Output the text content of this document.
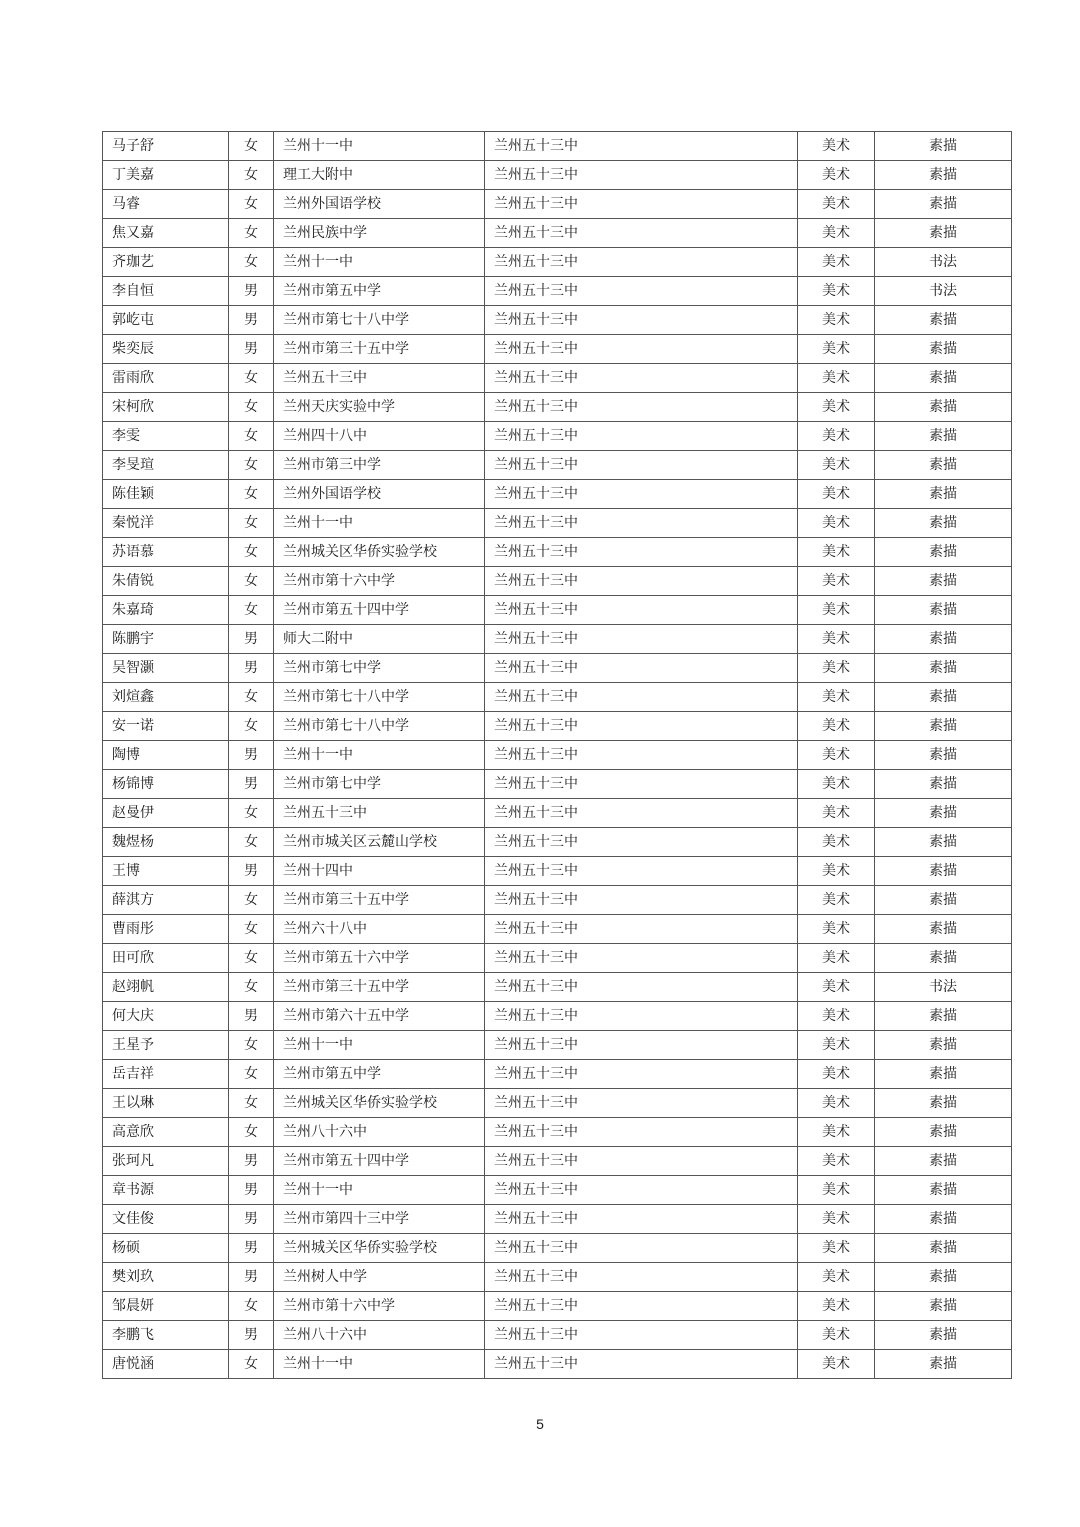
马子舒	女	兰州十一中	兰州五十三中	美术	素描
丁美嘉	女	理工大附中	兰州五十三中	美术	素描
马睿	女	兰州外国语学校	兰州五十三中	美术	素描
焦又嘉	女	兰州民族中学	兰州五十三中	美术	素描
齐珈艺	女	兰州十一中	兰州五十三中	美术	书法
李自恒	男	兰州市第五中学	兰州五十三中	美术	书法
郭屹屯	男	兰州市第七十八中学	兰州五十三中	美术	素描
柴奕辰	男	兰州市第三十五中学	兰州五十三中	美术	素描
雷雨欣	女	兰州五十三中	兰州五十三中	美术	素描
宋柯欣	女	兰州天庆实验中学	兰州五十三中	美术	素描
李雯	女	兰州四十八中	兰州五十三中	美术	素描
李旻瑄	女	兰州市第三中学	兰州五十三中	美术	素描
陈佳颖	女	兰州外国语学校	兰州五十三中	美术	素描
秦悦洋	女	兰州十一中	兰州五十三中	美术	素描
苏语慕	女	兰州城关区华侨实验学校	兰州五十三中	美术	素描
朱倩锐	女	兰州市第十六中学	兰州五十三中	美术	素描
朱嘉琦	女	兰州市第五十四中学	兰州五十三中	美术	素描
陈鹏宇	男	师大二附中	兰州五十三中	美术	素描
吴智灏	男	兰州市第七中学	兰州五十三中	美术	素描
刘煊鑫	女	兰州市第七十八中学	兰州五十三中	美术	素描
安一诺	女	兰州市第七十八中学	兰州五十三中	美术	素描
陶博	男	兰州十一中	兰州五十三中	美术	素描
杨锦博	男	兰州市第七中学	兰州五十三中	美术	素描
赵曼伊	女	兰州五十三中	兰州五十三中	美术	素描
魏煜杨	女	兰州市城关区云麓山学校	兰州五十三中	美术	素描
王博	男	兰州十四中	兰州五十三中	美术	素描
薛淇方	女	兰州市第三十五中学	兰州五十三中	美术	素描
曹雨彤	女	兰州六十八中	兰州五十三中	美术	素描
田可欣	女	兰州市第五十六中学	兰州五十三中	美术	素描
赵翊帆	女	兰州市第三十五中学	兰州五十三中	美术	书法
何大庆	男	兰州市第六十五中学	兰州五十三中	美术	素描
王星予	女	兰州十一中	兰州五十三中	美术	素描
岳吉祥	女	兰州市第五中学	兰州五十三中	美术	素描
王以琳	女	兰州城关区华侨实验学校	兰州五十三中	美术	素描
高意欣	女	兰州八十六中	兰州五十三中	美术	素描
张珂凡	男	兰州市第五十四中学	兰州五十三中	美术	素描
章书源	男	兰州十一中	兰州五十三中	美术	素描
文佳俊	男	兰州市第四十三中学	兰州五十三中	美术	素描
杨硕	男	兰州城关区华侨实验学校	兰州五十三中	美术	素描
樊刘玖	男	兰州树人中学	兰州五十三中	美术	素描
邹晨妍	女	兰州市第十六中学	兰州五十三中	美术	素描
李鹏飞	男	兰州八十六中	兰州五十三中	美术	素描
唐悦涵	女	兰州十一中	兰州五十三中	美术	素描
5
